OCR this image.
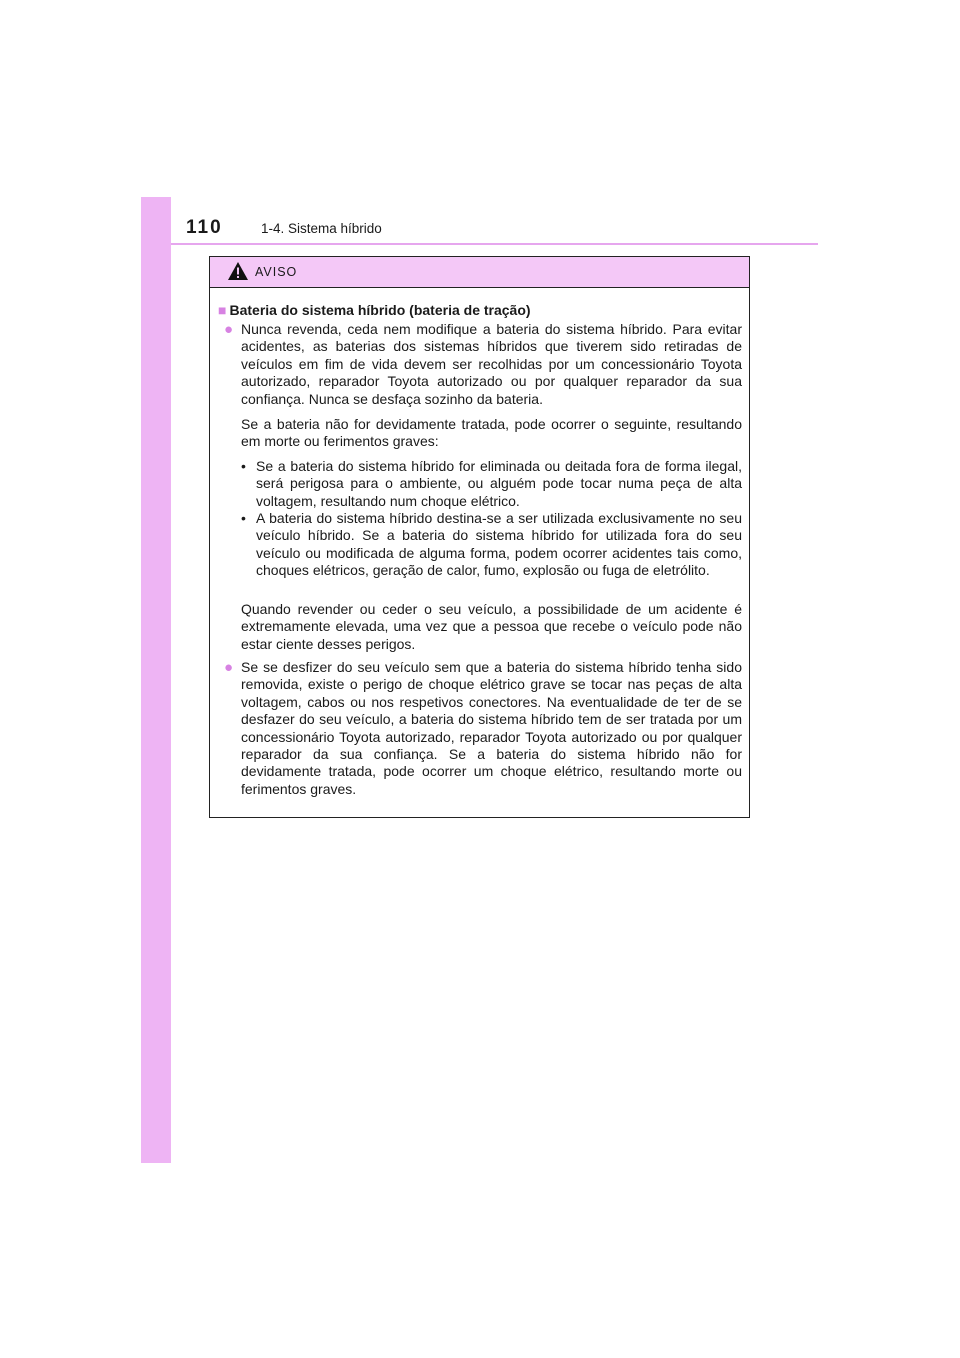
110	1-4. Sistema híbrido
AVISO
■ Bateria do sistema híbrido (bateria de tração)
● Nunca revenda, ceda nem modifique a bateria do sistema híbrido. Para evitar acidentes, as baterias dos sistemas híbridos que tiverem sido retiradas de veículos em fim de vida devem ser recolhidas por um concessionário Toyota autorizado, reparador Toyota autorizado ou por qualquer reparador da sua confiança. Nunca se desfaça sozinho da bateria.
Se a bateria não for devidamente tratada, pode ocorrer o seguinte, resultando em morte ou ferimentos graves:
• Se a bateria do sistema híbrido for eliminada ou deitada fora de forma ilegal, será perigosa para o ambiente, ou alguém pode tocar numa peça de alta voltagem, resultando num choque elétrico.
• A bateria do sistema híbrido destina-se a ser utilizada exclusivamente no seu veículo híbrido. Se a bateria do sistema híbrido for utilizada fora do seu veículo ou modificada de alguma forma, podem ocorrer acidentes tais como, choques elétricos, geração de calor, fumo, explosão ou fuga de eletrólito.
Quando revender ou ceder o seu veículo, a possibilidade de um acidente é extremamente elevada, uma vez que a pessoa que recebe o veículo pode não estar ciente desses perigos.
● Se se desfizer do seu veículo sem que a bateria do sistema híbrido tenha sido removida, existe o perigo de choque elétrico grave se tocar nas peças de alta voltagem, cabos ou nos respetivos conectores. Na eventualidade de ter de se desfazer do seu veículo, a bateria do sistema híbrido tem de ser tratada por um concessionário Toyota autorizado, reparador Toyota autorizado ou por qualquer reparador da sua confiança. Se a bateria do sistema híbrido não for devidamente tratada, pode ocorrer um choque elétrico, resultando morte ou ferimentos graves.
